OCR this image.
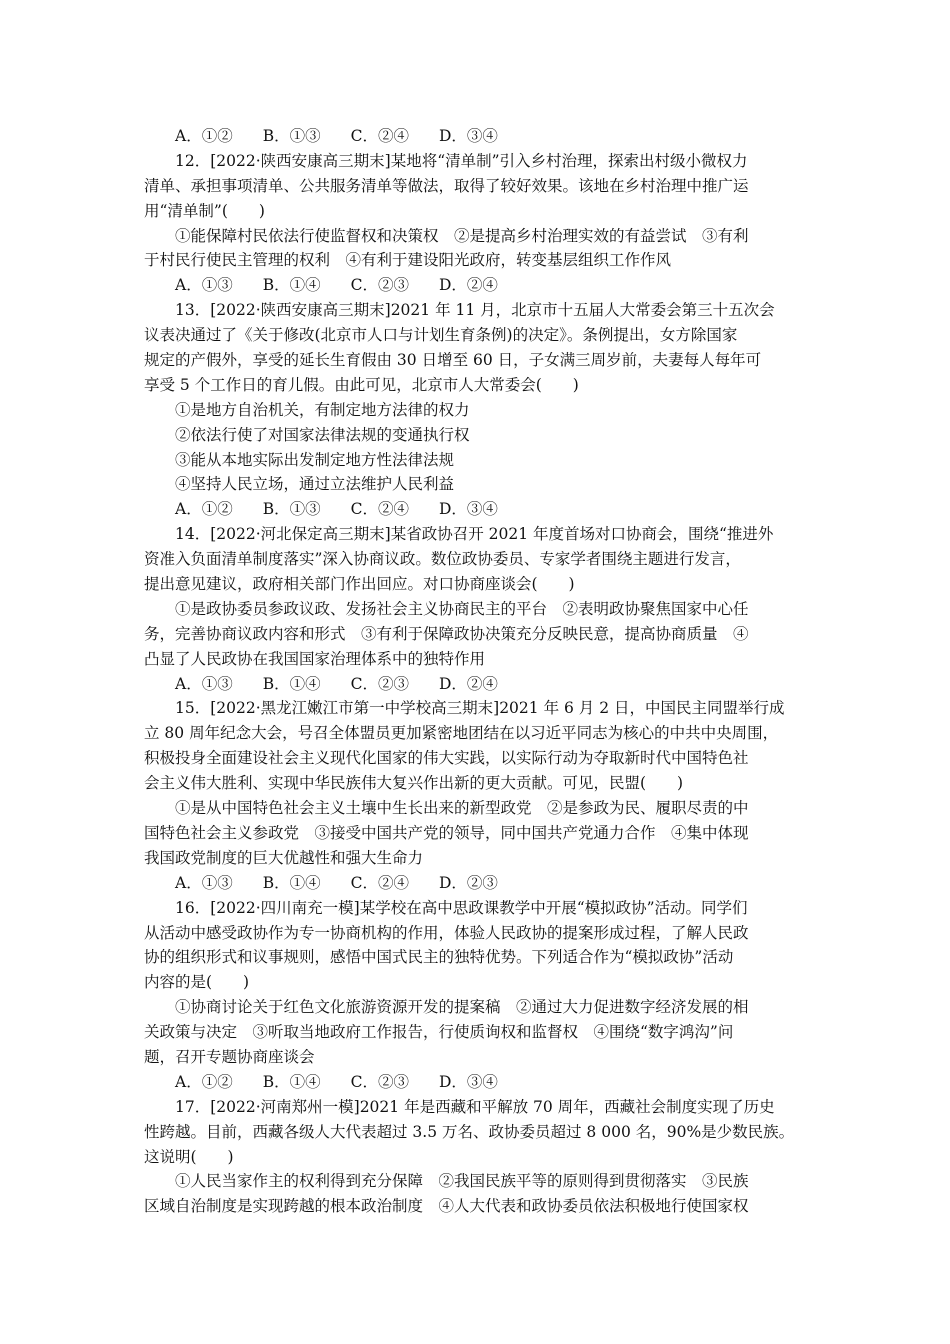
A．①② B．①③ C．②④ D．③④
12．[2022·陕西安康高三期末]某地将“清单制”引入乡村治理，探索出村级小微权力
清单、承担事项清单、公共服务清单等做法，取得了较好效果。该地在乡村治理中推广运
用“清单制”(　　)
①能保障村民依法行使监督权和决策权　②是提高乡村治理实效的有益尝试　③有利
于村民行使民主管理的权利　④有利于建设阳光政府，转变基层组织工作作风
A．①③ B．①④ C．②③ D．②④
13．[2022·陕西安康高三期末]2021 年 11 月，北京市十五届人大常委会第三十五次会
议表决通过了《关于修改(北京市人口与计划生育条例)的决定》。条例提出，女方除国家
规定的产假外，享受的延长生育假由 30 日增至 60 日，子女满三周岁前，夫妻每人每年可
享受 5 个工作日的育儿假。由此可见，北京市人大常委会(　　)
①是地方自治机关，有制定地方法律的权力
②依法行使了对国家法律法规的变通执行权
③能从本地实际出发制定地方性法律法规
④坚持人民立场，通过立法维护人民利益
A．①② B．①③ C．②④ D．③④
14．[2022·河北保定高三期末]某省政协召开 2021 年度首场对口协商会，围绕“推进外
资准入负面清单制度落实”深入协商议政。数位政协委员、专家学者围绕主题进行发言，
提出意见建议，政府相关部门作出回应。对口协商座谈会(　　)
①是政协委员参政议政、发扬社会主义协商民主的平台　②表明政协聚焦国家中心任
务，完善协商议政内容和形式　③有利于保障政协决策充分反映民意，提高协商质量　④
凸显了人民政协在我国国家治理体系中的独特作用
A．①③ B．①④ C．②③ D．②④
15．[2022·黑龙江嫩江市第一中学校高三期末]2021 年 6 月 2 日，中国民主同盟举行成
立 80 周年纪念大会，号召全体盟员更加紧密地团结在以习近平同志为核心的中共中央周围，
积极投身全面建设社会主义现代化国家的伟大实践，以实际行动为夺取新时代中国特色社
会主义伟大胜利、实现中华民族伟大复兴作出新的更大贡献。可见，民盟(　　)
①是从中国特色社会主义土壤中生长出来的新型政党　②是参政为民、履职尽责的中
国特色社会主义参政党　③接受中国共产党的领导，同中国共产党通力合作　④集中体现
我国政党制度的巨大优越性和强大生命力
A．①③ B．①④ C．②④ D．②③
16．[2022·四川南充一模]某学校在高中思政课教学中开展“模拟政协”活动。同学们
从活动中感受政协作为专一协商机构的作用，体验人民政协的提案形成过程，了解人民政
协的组织形式和议事规则，感悟中国式民主的独特优势。下列适合作为“模拟政协”活动
内容的是(　　)
①协商讨论关于红色文化旅游资源开发的提案稿　②通过大力促进数字经济发展的相
关政策与决定　③听取当地政府工作报告，行使质询权和监督权　④围绕“数字鸿沟”问
题，召开专题协商座谈会
A．①② B．①④ C．②③ D．③④
17．[2022·河南郑州一模]2021 年是西藏和平解放 70 周年，西藏社会制度实现了历史
性跨越。目前，西藏各级人大代表超过 3.5 万名、政协委员超过 8 000 名，90%是少数民族。
这说明(　　)
①人民当家作主的权利得到充分保障　②我国民族平等的原则得到贯彻落实　③民族
区域自治制度是实现跨越的根本政治制度　④人大代表和政协委员依法积极地行使国家权
